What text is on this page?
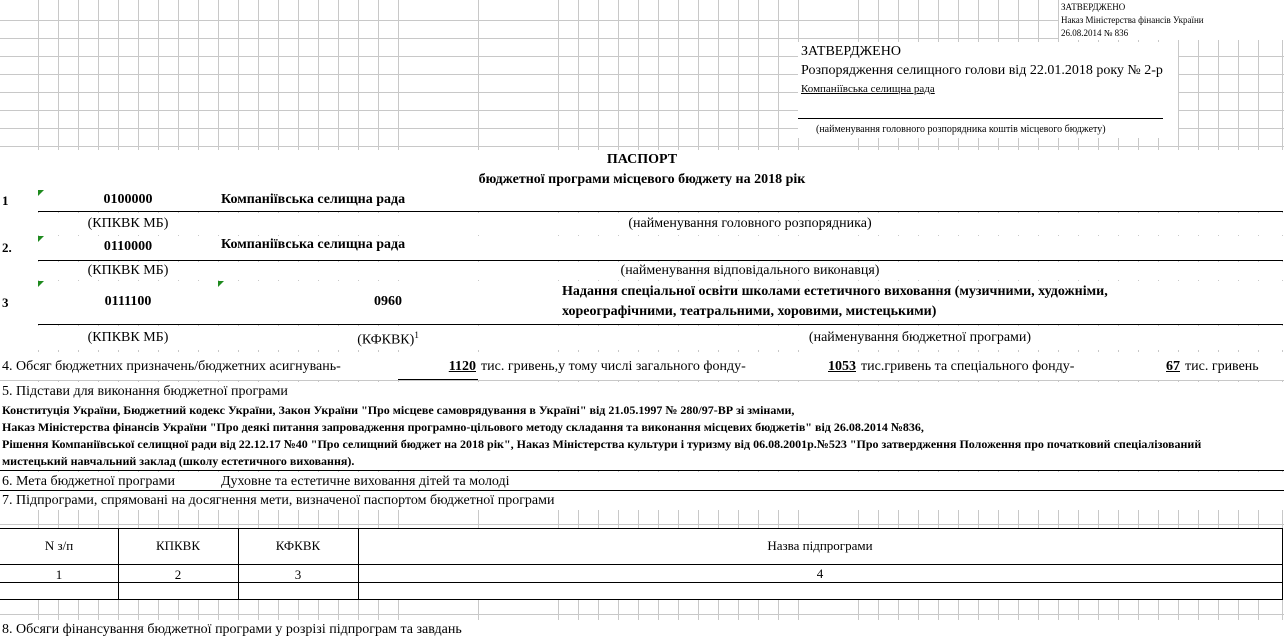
ЗАТВЕРДЖЕНО
Наказ Міністерства фінансів України
26.08.2014 № 836
ЗАТВЕРДЖЕНО
Розпорядження селищного голови від 22.01.2018 року № 2-р
Компаніївська селищна рада
(найменування головного розпорядника коштів місцевого бюджету)
ПАСПОРТ
бюджетної програми місцевого бюджету на 2018 рік
1	0100000	Компаніївська селищна рада
(КПКВК МБ)	(найменування головного розпорядника)
2.	0110000	Компаніївська селищна рада
(КПКВК МБ)	(найменування відповідального виконавця)
3	0111100	0960
Надання спеціальної освіти школами естетичного виховання (музичними, художніми,
хореографічними, театральними, хоровими, мистецькими)
(КПКВК МБ)	(КФКВК)$^1$	(найменування бюджетної програми)
4. Обсяг бюджетних призначень/бюджетних асигнувань-	1120 тис. гривень,у тому числі загального фонду-	1053 тис.гривень та спеціального фонду-	67 тис. гривень
5. Підстави для виконання бюджетної програми
Конституція України, Бюджетний кодекс України, Закон України "Про місцеве самоврядування в Україні" від 21.05.1997 № 280/97-ВР зі змінами,
Наказ Міністерства фінансів України "Про деякі питання запровадження програмно-цільового методу складання та виконання місцевих бюджетів" від 26.08.2014 №836,
Рішення Компаніївської селищної ради від 22.12.17 №40 "Про селищний бюджет на 2018 рік", Наказ Міністерства культури і туризму від 06.08.2001р.№523 "Про затвердження Положення про початковий спеціалізований
мистецький навчальний заклад (школу естетичного виховання).
6. Мета бюджетної програми	Духовне та естетичне виховання дітей та молоді
7. Підпрограми, спрямовані на досягнення мети, визначеної паспортом бюджетної програми
N з/п	КПКВК	КФКВК	Назва підпрограми
1	2	3	4
8. Обсяги фінансування бюджетної програми у розрізі підпрограм та завдань
